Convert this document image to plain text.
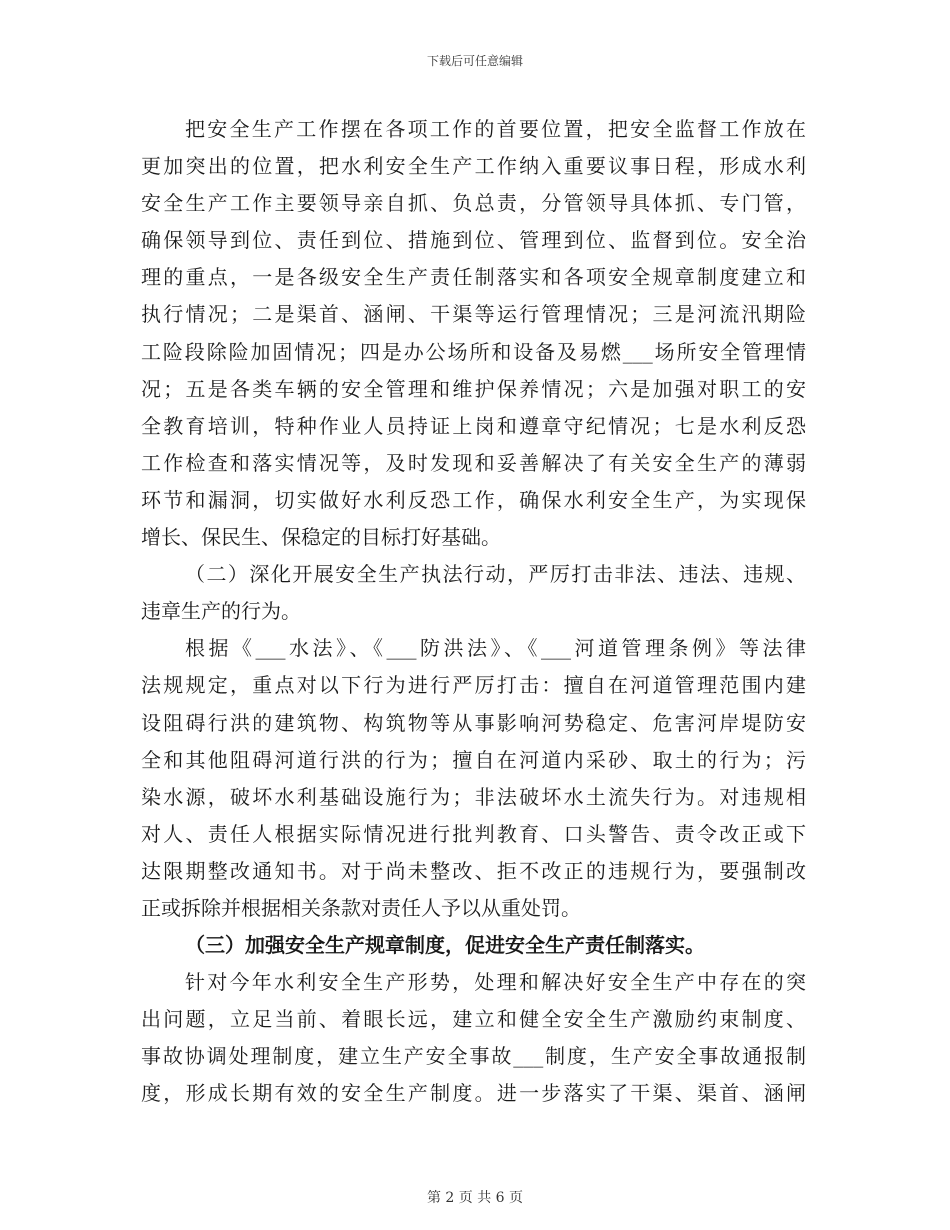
下载后可任意编辑
把安全生产工作摆在各项工作的首要位置，把安全监督工作放在
更加突出的位置，把水利安全生产工作纳入重要议事日程，形成水利
安全生产工作主要领导亲自抓、负总责，分管领导具体抓、专门管，
确保领导到位、责任到位、措施到位、管理到位、监督到位。安全治
理的重点，一是各级安全生产责任制落实和各项安全规章制度建立和
执行情况；二是渠首、涵闸、干渠等运行管理情况；三是河流汛期险
工险段除险加固情况；四是办公场所和设备及易燃___场所安全管理情
况；五是各类车辆的安全管理和维护保养情况；六是加强对职工的安
全教育培训，特种作业人员持证上岗和遵章守纪情况；七是水利反恐
工作检查和落实情况等，及时发现和妥善解决了有关安全生产的薄弱
环节和漏洞，切实做好水利反恐工作，确保水利安全生产，为实现保
增长、保民生、保稳定的目标打好基础。
（二）深化开展安全生产执法行动，严厉打击非法、违法、违规、
违章生产的行为。
根据《___水法》、《___防洪法》、《___河道管理条例》等法律
法规规定，重点对以下行为进行严厉打击：擅自在河道管理范围内建
设阻碍行洪的建筑物、构筑物等从事影响河势稳定、危害河岸堤防安
全和其他阻碍河道行洪的行为；擅自在河道内采砂、取土的行为；污
染水源，破坏水利基础设施行为；非法破坏水土流失行为。对违规相
对人、责任人根据实际情况进行批判教育、口头警告、责令改正或下
达限期整改通知书。对于尚未整改、拒不改正的违规行为，要强制改
正或拆除并根据相关条款对责任人予以从重处罚。
（三）加强安全生产规章制度，促进安全生产责任制落实。
针对今年水利安全生产形势，处理和解决好安全生产中存在的突
出问题，立足当前、着眼长远，建立和健全安全生产激励约束制度、
事故协调处理制度，建立生产安全事故___制度，生产安全事故通报制
度，形成长期有效的安全生产制度。进一步落实了干渠、渠首、涵闸
第 2 页 共 6 页
